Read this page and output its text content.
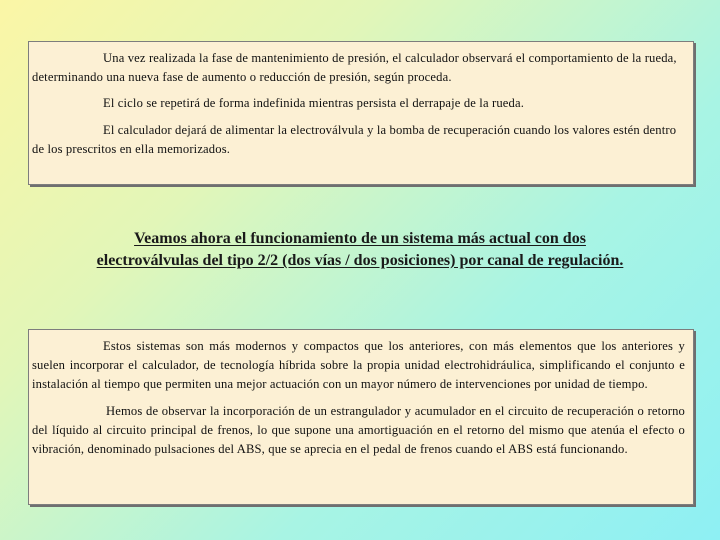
Una vez realizada la fase de mantenimiento de presión, el calculador observará el comportamiento de la rueda, determinando una nueva fase de aumento o reducción de presión, según proceda.

El ciclo se repetirá de forma indefinida mientras persista el derrapaje de la rueda.

El calculador dejará de alimentar la electroválvula y la bomba de recuperación cuando los valores estén dentro de los prescritos en ella memorizados.

Veamos ahora el funcionamiento de un sistema más actual con dos
electroválvulas del tipo 2/2 (dos vías / dos posiciones) por canal de regulación.

Estos sistemas son más modernos y compactos que los anteriores, con más elementos que los anteriores y suelen incorporar el calculador, de tecnología híbrida sobre la propia unidad electrohidráulica, simplificando el conjunto e instalación al tiempo que permiten una mejor actuación con un mayor número de intervenciones por unidad de tiempo.

Hemos de observar la incorporación de un estrangulador y acumulador en el circuito de recuperación o retorno del líquido al circuito principal de frenos, lo que supone una amortiguación en el retorno del mismo que atenúa el efecto o vibración, denominado pulsaciones del ABS, que se aprecia en el pedal de frenos cuando el ABS está funcionando.
